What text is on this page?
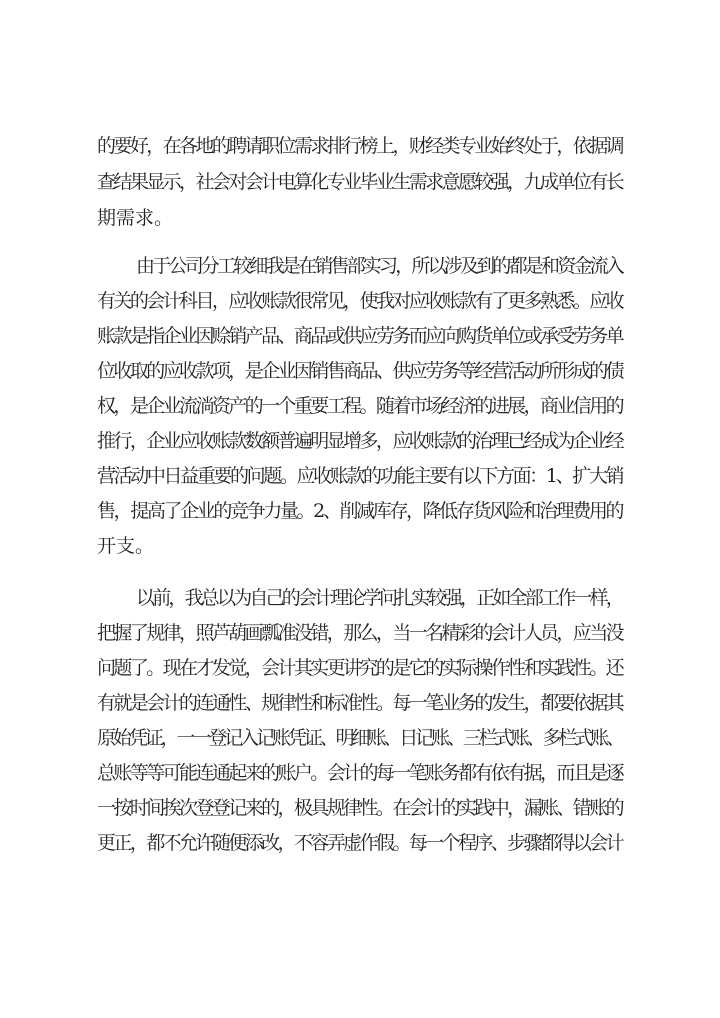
的要好，在各地的聘请职位需求排行榜上，财经类专业始终处于，依据调
查结果显示，社会对会计电算化专业毕业生需求意愿较强，九成单位有长
期需求。
由于公司分工较细我是在销售部实习，所以涉及到的都是和资金流入
有关的会计科目，应收账款很常见，使我对应收账款有了更多熟悉。应收
账款是指企业因赊销产品、商品或供应劳务而应向购货单位或承受劳务单
位收取的应收款项，是企业因销售商品、供应劳务等经营活动所形成的债
权，是企业流淌资产的一个重要工程。随着市场经济的进展，商业信用的
推行，企业应收账款数额普遍明显增多，应收账款的治理已经成为企业经
营活动中日益重要的问题。应收账款的功能主要有以下方面：1、扩大销
售，提高了企业的竞争力量。2、削减库存，降低存货风险和治理费用的
开支。
以前，我总以为自己的会计理论学问扎实较强，正如全部工作一样，
把握了规律，照芦葫画瓢准没错，那么，当一名精彩的会计人员，应当没
问题了。现在才发觉，会计其实更讲究的是它的实际操作性和实践性。还
有就是会计的连通性、规律性和标准性。每一笔业务的发生，都要依据其
原始凭证，一一登记入记账凭证、明细账、日记账、三栏式账、多栏式账、
总账等等可能连通起来的账户。会计的每一笔账务都有依有据，而且是逐
一按时间挨次登登记来的，极具规律性。在会计的实践中，漏账、错账的
更正，都不允许随便添改，不容弄虚作假。每一个程序、步骤都得以会计
